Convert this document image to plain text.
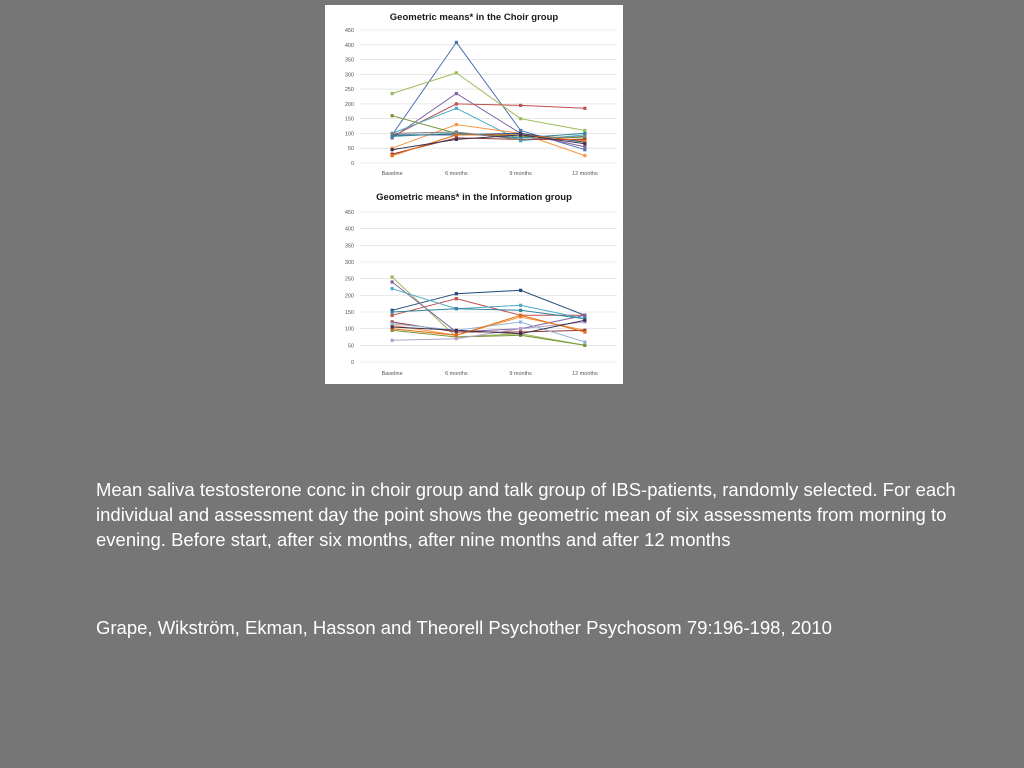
Geometric means* in the Choir group
0
50
100
150
200
250
300
350
400
450
Baseline	6 months	9 months	12 months
Geometric means* in the Information group
0
50
100
150
200
250
300
350
400
450
Baseline	6 months	9 months	12 months
Mean saliva testosterone conc in choir group and talk group of IBS-patients, randomly selected. For each individual and assessment day the point shows the geometric mean of six assessments from morning to evening. Before start, after six months, after nine months and after 12 months
Grape, Wikström, Ekman, Hasson and Theorell Psychother Psychosom 79:196-198, 2010
